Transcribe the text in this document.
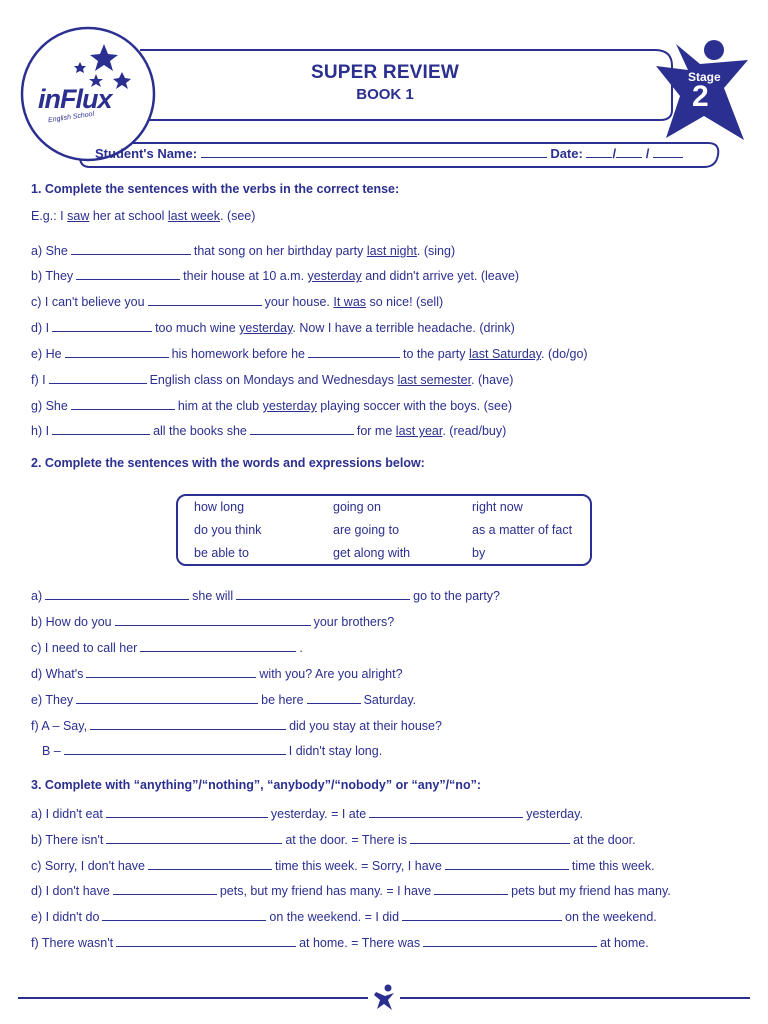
inFlux
English School
SUPER REVIEW
BOOK 1
Stage
2
Student's Name:	Date: / /
1. Complete the sentences with the verbs in the correct tense:
E.g.: I saw her at school last week. (see)
a) She	that song on her birthday party last night. (sing)
b) They	their house at 10 a.m. yesterday and didn't arrive yet. (leave)
c) I can't believe you	your house. It was so nice! (sell)
d) I	too much wine yesterday. Now I have a terrible headache. (drink)
e) He	his homework before he	to the party last Saturday. (do/go)
f) I	English class on Mondays and Wednesdays last semester. (have)
g) She	him at the club yesterday playing soccer with the boys. (see)
h) I	all the books she	for me last year. (read/buy)
2. Complete the sentences with the words and expressions below:
how long	going on	right now
do you think	are going to	as a matter of fact
be able to	get along with	by
a)	she will	go to the party?
b) How do you	your brothers?
c) I need to call her	.
d) What's	with you? Are you alright?
e) They	be here	Saturday.
f) A – Say,	did you stay at their house?
B –	I didn't stay long.
3. Complete with “anything”/“nothing”, “anybody”/“nobody” or “any”/“no”:
a) I didn't eat	yesterday. = I ate	yesterday.
b) There isn't	at the door. = There is	at the door.
c) Sorry, I don't have	time this week. = Sorry, I have	time this week.
d) I don't have	pets, but my friend has many. = I have	pets but my friend has many.
e) I didn't do	on the weekend. = I did	on the weekend.
f) There wasn't	at home. = There was	at home.
